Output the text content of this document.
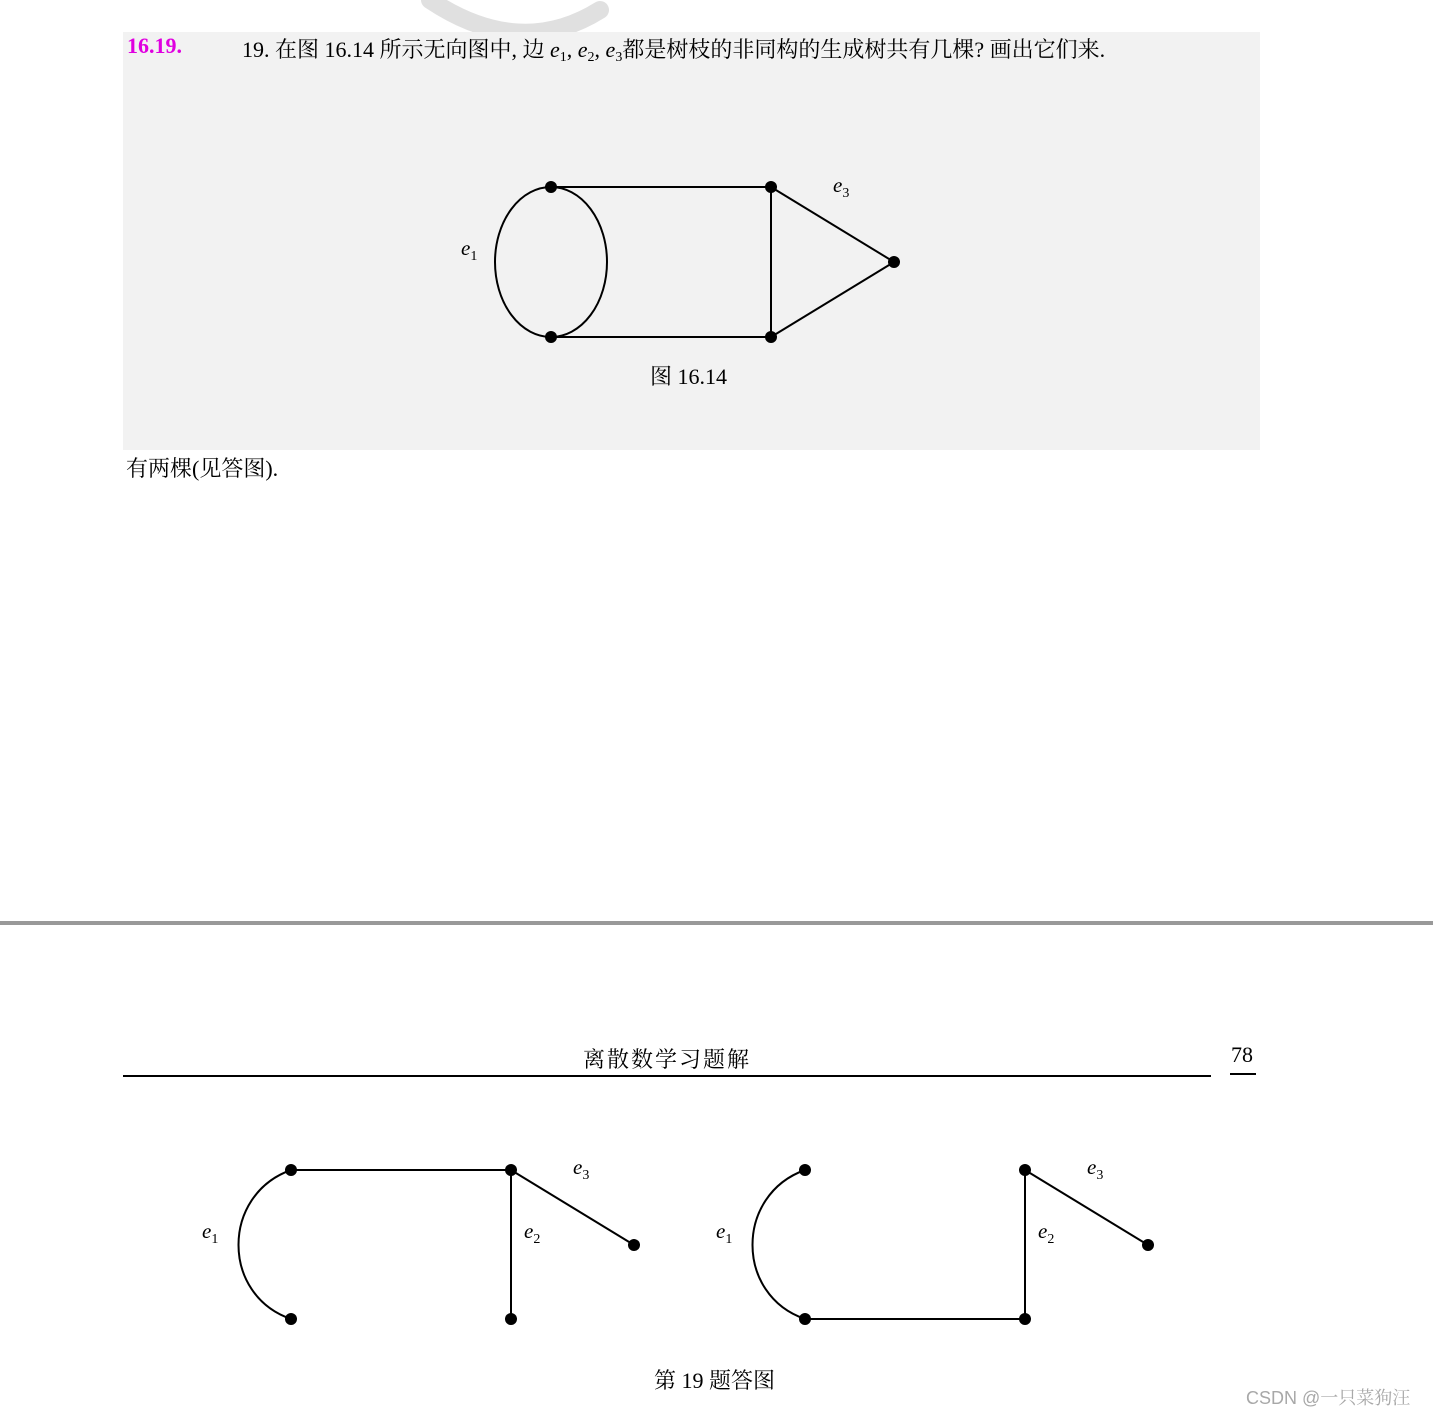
16.19.	19. 在图 16.14 所示无向图中, 边 $e_1$, $e_2$, $e_3$都是树枝的非同构的生成树共有几棵? 画出它们来.
$e_1$
$e_3$
图 16.14
有两棵(见答图).
离散数学习题解	78
$e_1$	$e_2$
$e_3$
$e_1$	$e_2$
$e_3$
第 19 题答图
CSDN @一只菜狗汪
